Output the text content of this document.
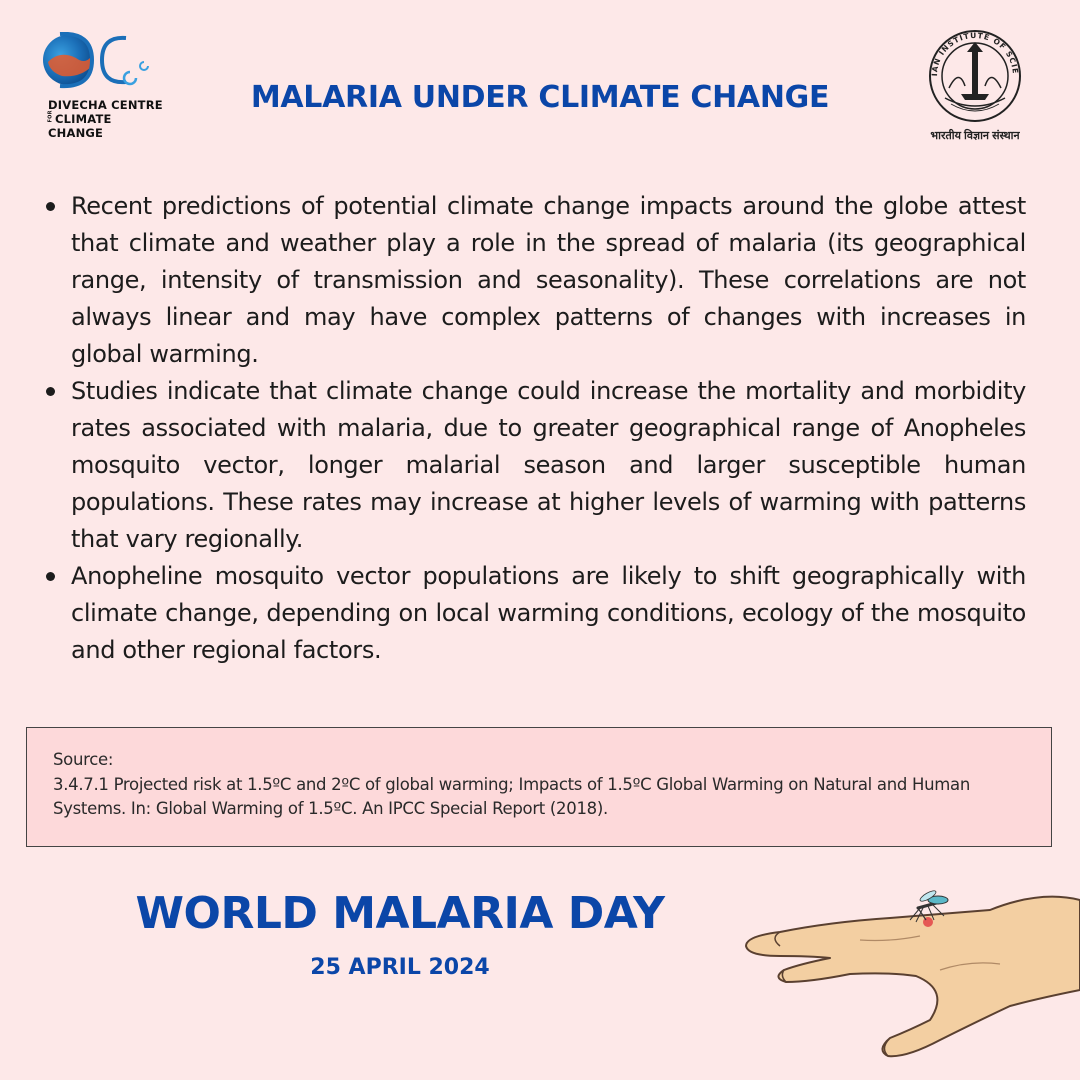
DIVECHA CENTRE
FOR CLIMATE CHANGE
MALARIA UNDER CLIMATE CHANGE
IAN INSTITUTE OF SCIE
भारतीय विज्ञान संस्थान
Recent predictions of potential climate change impacts around the globe attest that climate and weather play a role in the spread of malaria (its geographical range, intensity of transmission and seasonality). These correlations are not always linear and may have complex patterns of changes with increases in global warming.
Studies indicate that climate change could increase the mortality and morbidity rates associated with malaria, due to greater geographical range of Anopheles mosquito vector, longer malarial season and larger susceptible human populations. These rates may increase at higher levels of warming with patterns that vary regionally.
Anopheline mosquito vector populations are likely to shift geographically with climate change, depending on local warming conditions, ecology of the mosquito and other regional factors.
Source:
3.4.7.1 Projected risk at 1.5ºC and 2ºC of global warming; Impacts of 1.5ºC Global Warming on Natural and Human Systems. In: Global Warming of 1.5ºC. An IPCC Special Report (2018).
WORLD MALARIA DAY
25 APRIL 2024
